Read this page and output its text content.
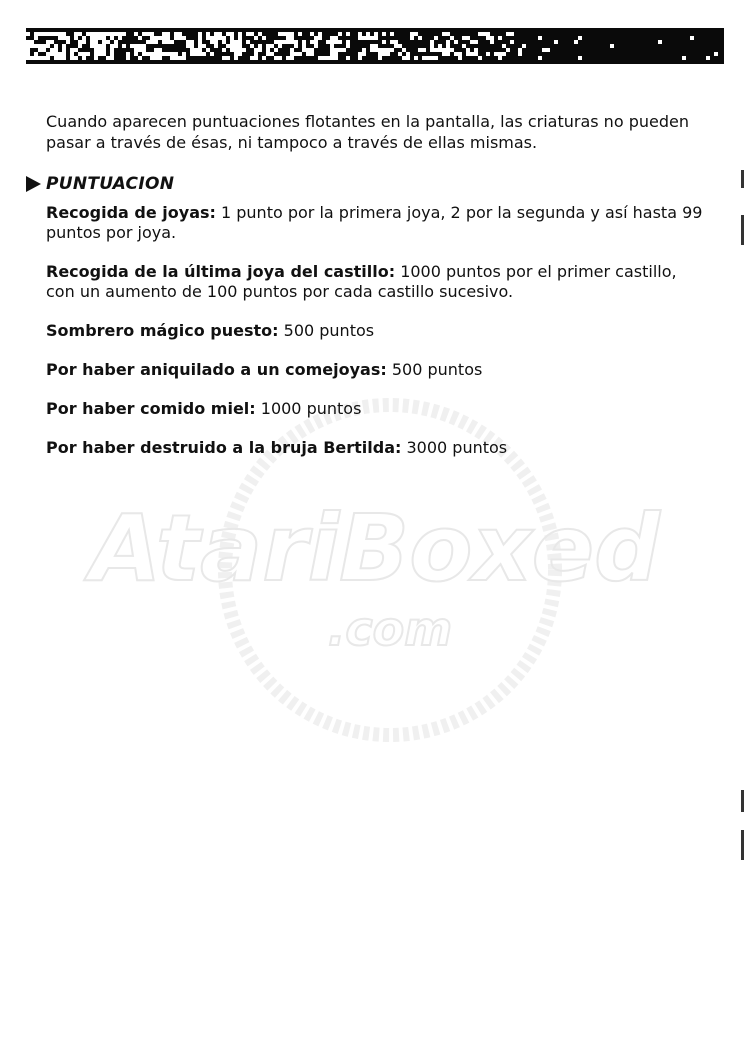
Cuando aparecen puntuaciones flotantes en la pantalla, las criaturas no pueden pasar a través de ésas, ni tampoco a través de ellas mismas.

AtariBoxed
.com
PUNTUACION
Recogida de joyas: 1 punto por la primera joya, 2 por la segunda y así hasta 99 puntos por joya.
Recogida de la última joya del castillo: 1000 puntos por el primer castillo, con un aumento de 100 puntos por cada castillo sucesivo.
Sombrero mágico puesto: 500 puntos
Por haber aniquilado a un comejoyas: 500 puntos
Por haber comido miel: 1000 puntos
Por haber destruido a la bruja Bertilda: 3000 puntos
